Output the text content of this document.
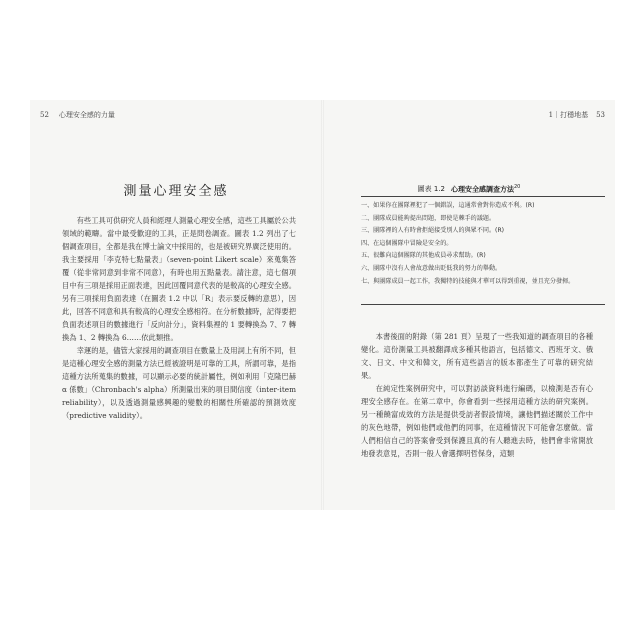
52 心理安全感的力量
測量心理安全感

有些工具可供研究人員和經理人測量心理安全感，這些工具屬於公共領域的範疇。當中最受歡迎的工具，正是問卷調查。圖表 1.2 列出了七個調查項目，全都是我在博士論文中採用的，也是被研究界廣泛使用的。我主要採用「李克特七點量表」（seven-point Likert scale）來蒐集答覆（從非常同意到非常不同意），有時也用五點量表。請注意，這七個項目中有三項是採用正面表達，因此回覆同意代表的是較高的心理安全感。另有三項採用負面表達（在圖表 1.2 中以「R」表示要反轉的意思），因此，回答不同意和具有較高的心理安全感相符。在分析數據時，記得要把負面表述項目的數據進行「反向計分」，資料集裡的 1 要轉換為 7、7 轉換為 1、2 轉換為 6……依此類推。

幸運的是，儘管大家採用的調查項目在數量上及用詞上有所不同，但是這種心理安全感的測量方法已經被證明是可靠的工具，所謂可靠，是指這種方法所蒐集的數據，可以顯示必要的統計屬性，例如利用「克隆巴赫 α 係數」（Chronbach's alpha）所測量出來的項目間信度（inter-item reliability），以及透過測量感興趣的變數的相關性所確認的預測效度（predictive validity）。

1｜打穩地基 53
圖表 1.2 心理安全感調查方法$^{20}$
一、如果你在團隊裡犯了一個錯誤，這通常會對你造成不利。(R)
二、團隊成員能夠提出問題，即使是棘手的議題。
三、團隊裡的人有時會拒絕接受別人的與眾不同。(R)
四、在這個團隊中冒險是安全的。
五、很難向這個團隊的其他成員尋求幫助。(R)
六、團隊中沒有人會故意做出貶低我的努力的舉動。
七、與團隊成員一起工作，我獨特的技能與才華可以得到重視，並且充分發揮。

本書後面的附錄（第 281 頁）呈現了一些我知道的調查項目的各種變化。這份測量工具被翻譯成多種其他語言，包括德文、西班牙文、俄文、日文、中文和韓文，所有這些語言的版本都產生了可靠的研究結果。

在純定性案例研究中，可以對訪談資料進行編碼，以檢測是否有心理安全感存在。在第二章中，你會看到一些採用這種方法的研究案例。另一種饒富成效的方法是提供受訪者假設情境，讓他們描述關於工作中的灰色地帶，例如他們或他們的同事，在這種情況下可能會怎麼做。當人們相信自己的答案會受到保護且真的有人聽進去時，他們會非常開放地發表意見，否則一般人會選擇明哲保身，這類
